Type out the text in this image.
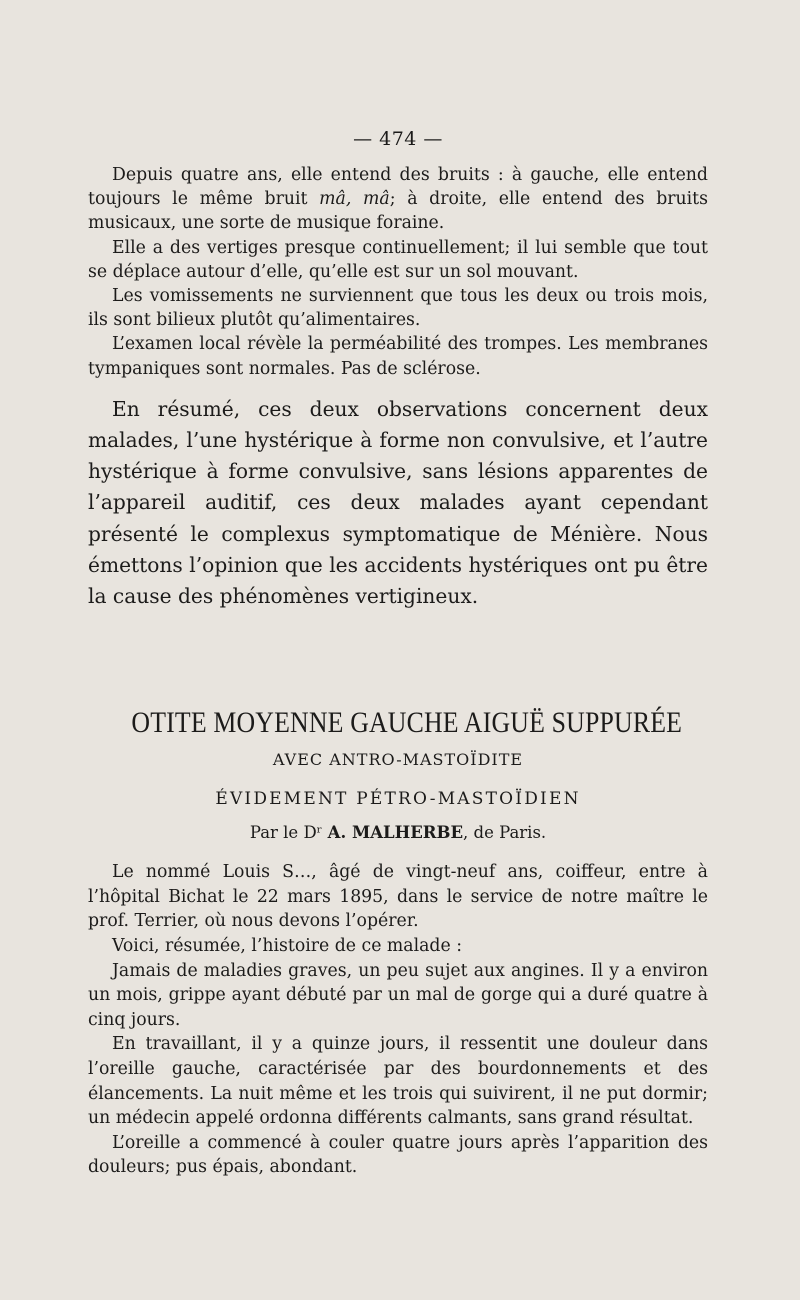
— 474 —

Depuis quatre ans, elle entend des bruits : à gauche, elle entend toujours le même bruit mâ, mâ; à droite, elle entend des bruits musicaux, une sorte de musique foraine.

Elle a des vertiges presque continuellement; il lui semble que tout se déplace autour d’elle, qu’elle est sur un sol mouvant.

Les vomissements ne surviennent que tous les deux ou trois mois, ils sont bilieux plutôt qu’alimentaires.

L’examen local révèle la perméabilité des trompes. Les membranes tympaniques sont normales. Pas de sclérose.

En résumé, ces deux observations concernent deux malades, l’une hystérique à forme non convulsive, et l’autre hystérique à forme convulsive, sans lésions apparentes de l’appareil auditif, ces deux malades ayant cependant présenté le complexus symptomatique de Ménière. Nous émettons l’opinion que les accidents hystériques ont pu être la cause des phénomènes vertigineux.

OTITE MOYENNE GAUCHE AIGUË SUPPURÉE
AVEC ANTRO-MASTOÏDITE
ÉVIDEMENT PÉTRO-MASTOÏDIEN
Par le Dʳ A. MALHERBE, de Paris.

Le nommé Louis S…, âgé de vingt-neuf ans, coiffeur, entre à l’hôpital Bichat le 22 mars 1895, dans le service de notre maître le prof. Terrier, où nous devons l’opérer.

Voici, résumée, l’histoire de ce malade :

Jamais de maladies graves, un peu sujet aux angines. Il y a environ un mois, grippe ayant débuté par un mal de gorge qui a duré quatre à cinq jours.

En travaillant, il y a quinze jours, il ressentit une douleur dans l’oreille gauche, caractérisée par des bourdonnements et des élancements. La nuit même et les trois qui suivirent, il ne put dormir; un médecin appelé ordonna différents calmants, sans grand résultat.

L’oreille a commencé à couler quatre jours après l’apparition des douleurs; pus épais, abondant.
